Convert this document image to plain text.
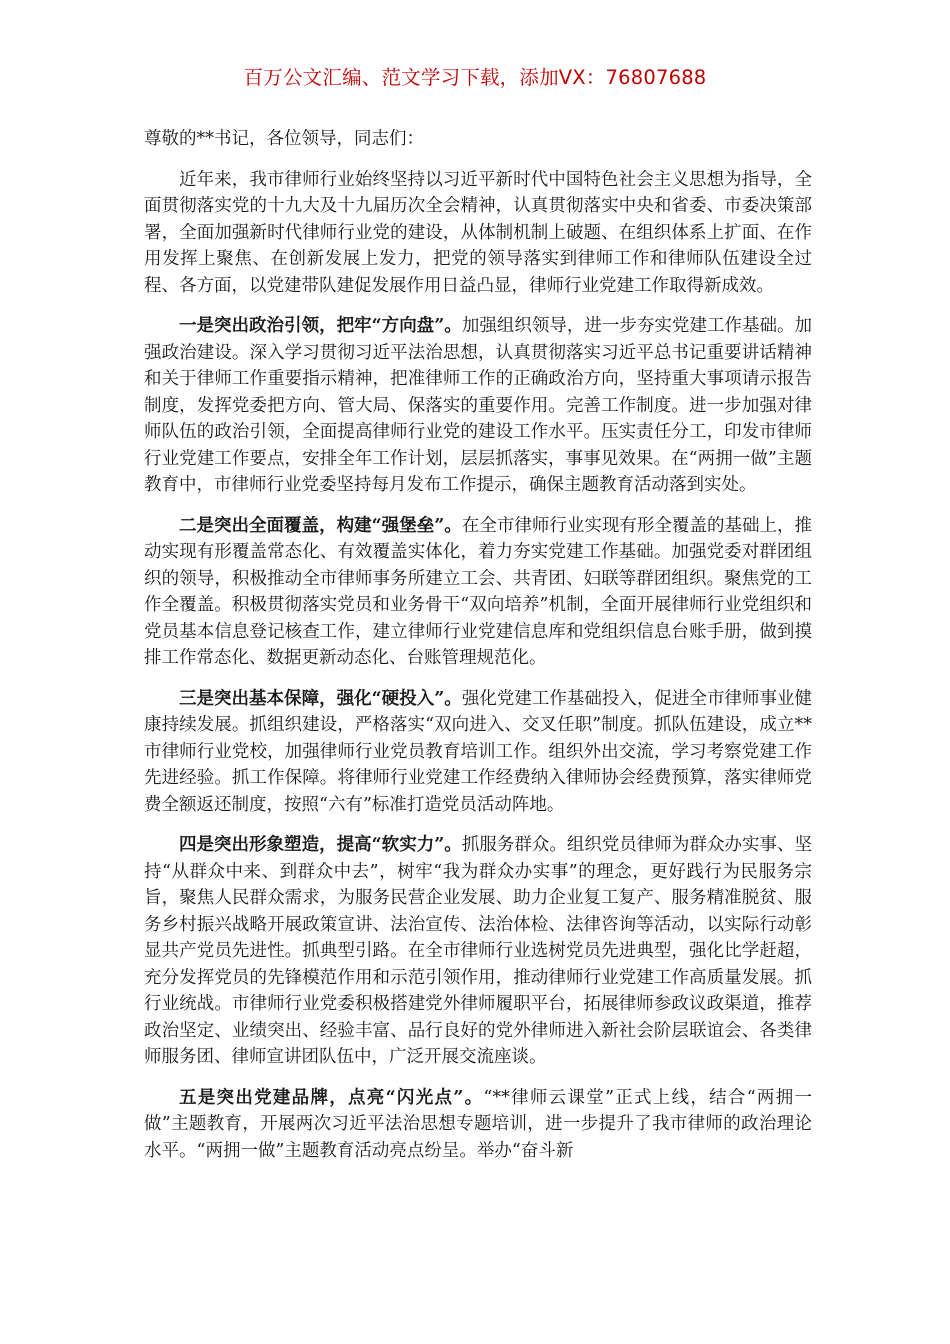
百万公文汇编、范文学习下载，添加VX：76807688

尊敬的**书记，各位领导，同志们：

近年来，我市律师行业始终坚持以习近平新时代中国特色社会主义思想为指导，全面贯彻落实党的十九大及十九届历次全会精神，认真贯彻落实中央和省委、市委决策部署，全面加强新时代律师行业党的建设，从体制机制上破题、在组织体系上扩面、在作用发挥上聚焦、在创新发展上发力，把党的领导落实到律师工作和律师队伍建设全过程、各方面，以党建带队建促发展作用日益凸显，律师行业党建工作取得新成效。

一是突出政治引领，把牢“方向盘”。加强组织领导，进一步夯实党建工作基础。加强政治建设。深入学习贯彻习近平法治思想，认真贯彻落实习近平总书记重要讲话精神和关于律师工作重要指示精神，把准律师工作的正确政治方向，坚持重大事项请示报告制度，发挥党委把方向、管大局、保落实的重要作用。完善工作制度。进一步加强对律师队伍的政治引领，全面提高律师行业党的建设工作水平。压实责任分工，印发市律师行业党建工作要点，安排全年工作计划，层层抓落实，事事见效果。在“两拥一做”主题教育中，市律师行业党委坚持每月发布工作提示，确保主题教育活动落到实处。

二是突出全面覆盖，构建“强堡垒”。在全市律师行业实现有形全覆盖的基础上，推动实现有形覆盖常态化、有效覆盖实体化，着力夯实党建工作基础。加强党委对群团组织的领导，积极推动全市律师事务所建立工会、共青团、妇联等群团组织。聚焦党的工作全覆盖。积极贯彻落实党员和业务骨干“双向培养”机制，全面开展律师行业党组织和党员基本信息登记核查工作，建立律师行业党建信息库和党组织信息台账手册，做到摸排工作常态化、数据更新动态化、台账管理规范化。

三是突出基本保障，强化“硬投入”。强化党建工作基础投入，促进全市律师事业健康持续发展。抓组织建设，严格落实“双向进入、交叉任职”制度。抓队伍建设，成立**市律师行业党校，加强律师行业党员教育培训工作。组织外出交流，学习考察党建工作先进经验。抓工作保障。将律师行业党建工作经费纳入律师协会经费预算，落实律师党费全额返还制度，按照“六有”标准打造党员活动阵地。

四是突出形象塑造，提高“软实力”。抓服务群众。组织党员律师为群众办实事、坚持“从群众中来、到群众中去”，树牢“我为群众办实事”的理念，更好践行为民服务宗旨，聚焦人民群众需求，为服务民营企业发展、助力企业复工复产、服务精准脱贫、服务乡村振兴战略开展政策宣讲、法治宣传、法治体检、法律咨询等活动，以实际行动彰显共产党员先进性。抓典型引路。在全市律师行业选树党员先进典型，强化比学赶超，充分发挥党员的先锋模范作用和示范引领作用，推动律师行业党建工作高质量发展。抓行业统战。市律师行业党委积极搭建党外律师履职平台，拓展律师参政议政渠道，推荐政治坚定、业绩突出、经验丰富、品行良好的党外律师进入新社会阶层联谊会、各类律师服务团、律师宣讲团队伍中，广泛开展交流座谈。

五是突出党建品牌，点亮“闪光点”。“**律师云课堂”正式上线，结合“两拥一做”主题教育，开展两次习近平法治思想专题培训，进一步提升了我市律师的政治理论水平。“两拥一做”主题教育活动亮点纷呈。举办“奋斗新
